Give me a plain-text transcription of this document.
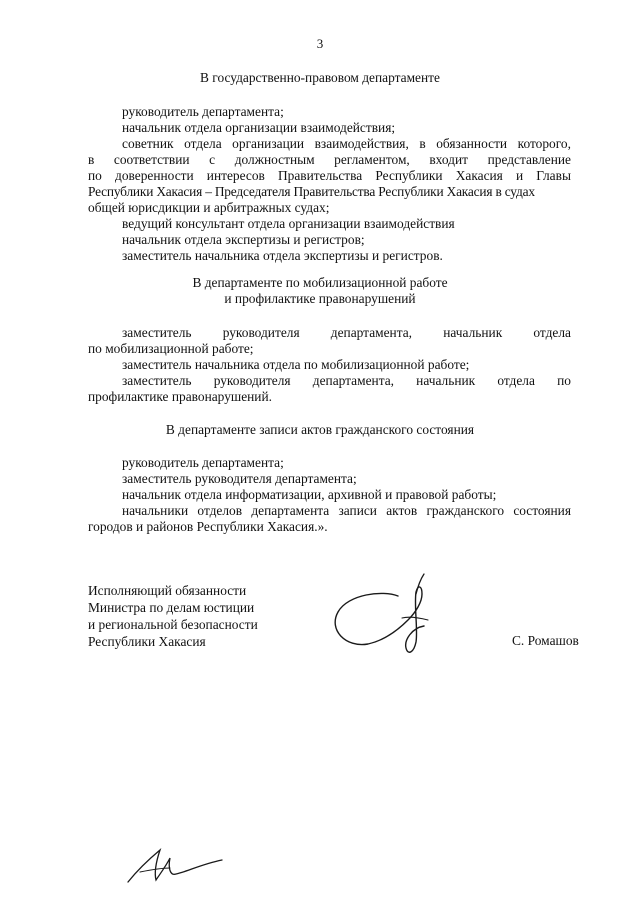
3
В государственно-правовом департаменте
руководитель департамента;
начальник отдела организации взаимодействия;
советник отдела организации взаимодействия, в обязанности которого,
в соответствии с должностным регламентом, входит представление
по доверенности интересов Правительства Республики Хакасия и Главы
Республики Хакасия – Председателя Правительства Республики Хакасия в судах
общей юрисдикции и арбитражных судах;
ведущий консультант отдела организации взаимодействия
начальник отдела экспертизы и регистров;
заместитель начальника отдела экспертизы и регистров.
В департаменте по мобилизационной работе
и профилактике правонарушений
заместитель руководителя департамента, начальник отдела
по мобилизационной работе;
заместитель начальника отдела по мобилизационной работе;
заместитель руководителя департамента, начальник отдела по
профилактике правонарушений.
В департаменте записи актов гражданского состояния
руководитель департамента;
заместитель руководителя департамента;
начальник отдела информатизации, архивной и правовой работы;
начальники отделов департамента записи актов гражданского состояния
городов и районов Республики Хакасия.».
Исполняющий обязанности
Министра по делам юстиции
и региональной безопасности
Республики Хакасия	С. Ромашов
